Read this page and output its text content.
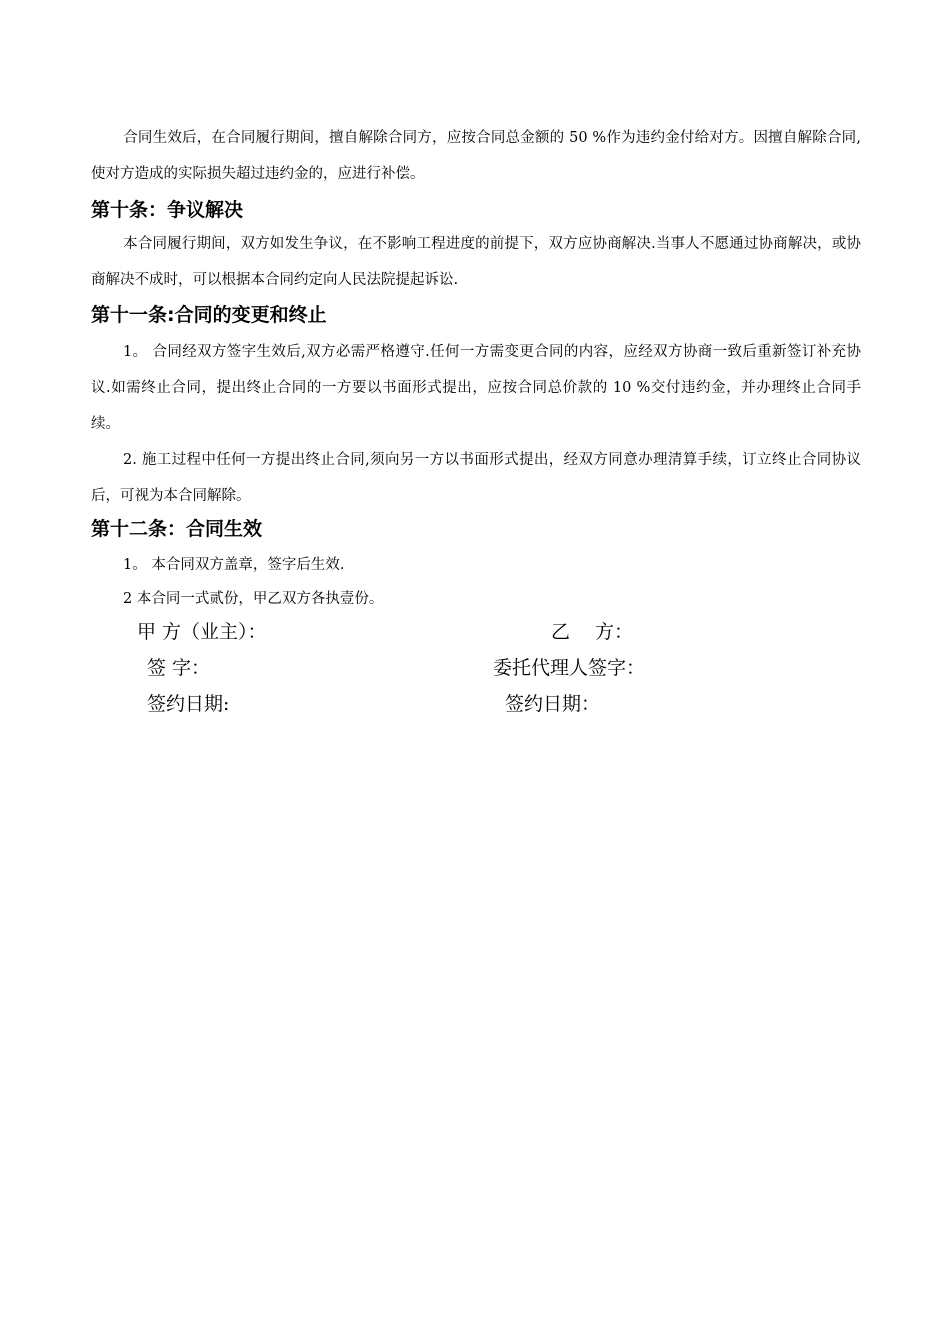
合同生效后，在合同履行期间，擅自解除合同方，应按合同总金额的 50 %作为违约金付给对方。因擅自解除合同,使对方造成的实际损失超过违约金的，应进行补偿。

第十条：争议解决

本合同履行期间，双方如发生争议，在不影响工程进度的前提下，双方应协商解决.当事人不愿通过协商解决，或协商解决不成时，可以根据本合同约定向人民法院提起诉讼.

第十一条:合同的变更和终止

1。 合同经双方签字生效后,双方必需严格遵守.任何一方需变更合同的内容，应经双方协商一致后重新签订补充协议.如需终止合同，提出终止合同的一方要以书面形式提出，应按合同总价款的 10 %交付违约金，并办理终止合同手续。

2. 施工过程中任何一方提出终止合同,须向另一方以书面形式提出，经双方同意办理清算手续，订立终止合同协议后，可视为本合同解除。

第十二条：合同生效
1。 本合同双方盖章，签字后生效.
2 本合同一式贰份，甲乙双方各执壹份。
甲 方（业主）：	乙　 方：
签 字：	委托代理人签字：
签约日期:	签约日期：
